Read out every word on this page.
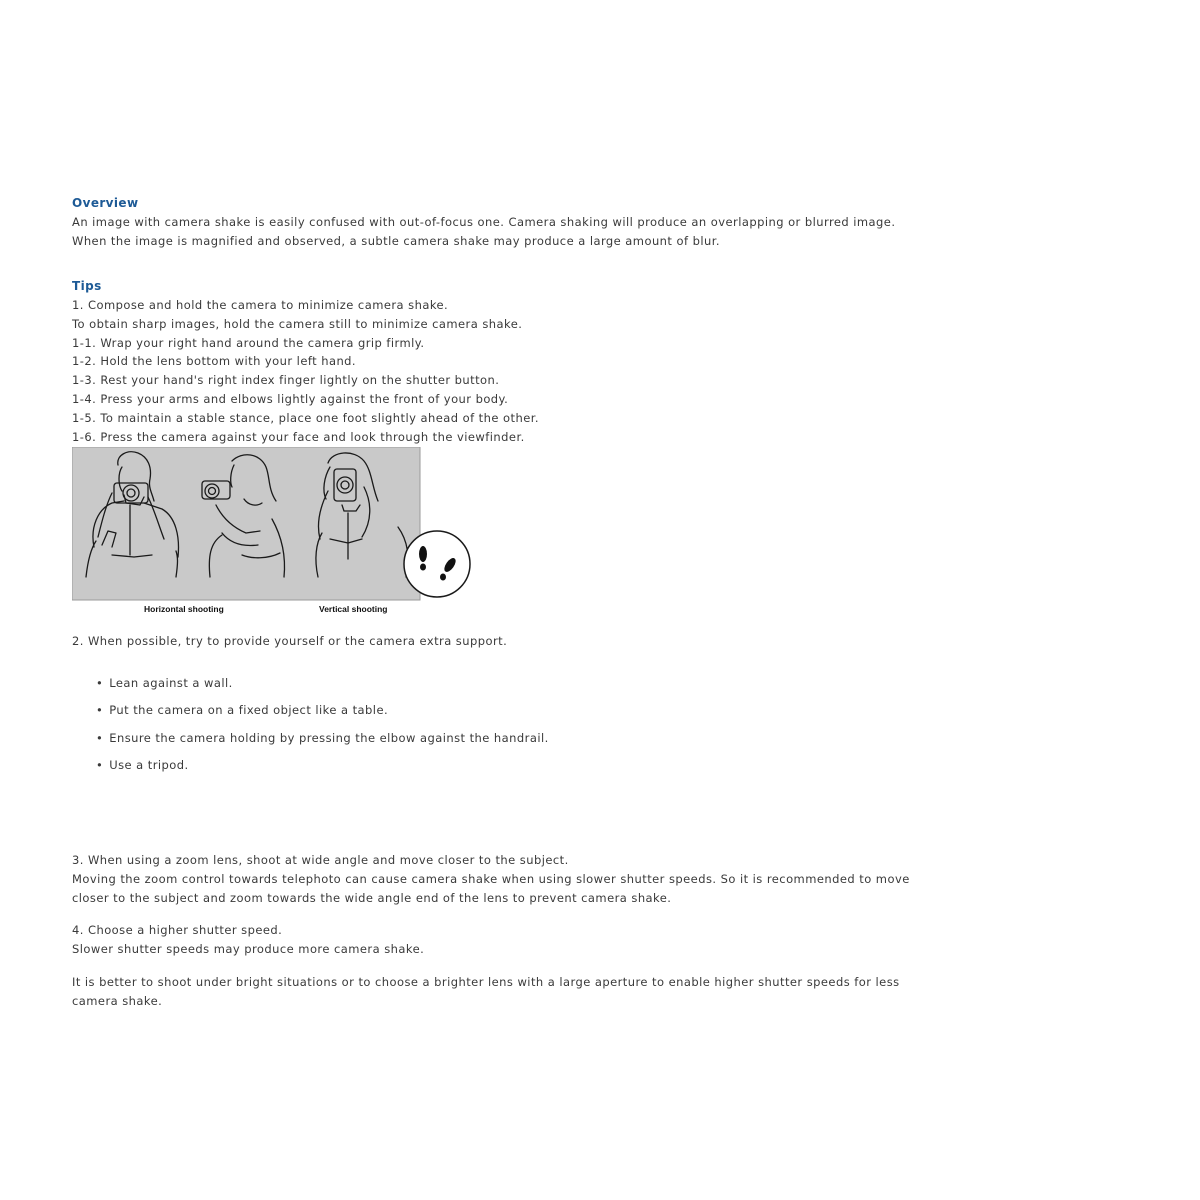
Overview
An image with camera shake is easily confused with out-of-focus one. Camera shaking will produce an overlapping or blurred image.
When the image is magnified and observed, a subtle camera shake may produce a large amount of blur.
Tips
1. Compose and hold the camera to minimize camera shake.
To obtain sharp images, hold the camera still to minimize camera shake.
1-1. Wrap your right hand around the camera grip firmly.
1-2. Hold the lens bottom with your left hand.
1-3. Rest your hand's right index finger lightly on the shutter button.
1-4. Press your arms and elbows lightly against the front of your body.
1-5. To maintain a stable stance, place one foot slightly ahead of the other.
1-6. Press the camera against your face and look through the viewfinder.
Horizontal shooting	Vertical shooting
2. When possible, try to provide yourself or the camera extra support.
• Lean against a wall.
• Put the camera on a fixed object like a table.
• Ensure the camera holding by pressing the elbow against the handrail.
• Use a tripod.
3. When using a zoom lens, shoot at wide angle and move closer to the subject.
Moving the zoom control towards telephoto can cause camera shake when using slower shutter speeds. So it is recommended to move
closer to the subject and zoom towards the wide angle end of the lens to prevent camera shake.
4. Choose a higher shutter speed.
Slower shutter speeds may produce more camera shake.
It is better to shoot under bright situations or to choose a brighter lens with a large aperture to enable higher shutter speeds for less
camera shake.
